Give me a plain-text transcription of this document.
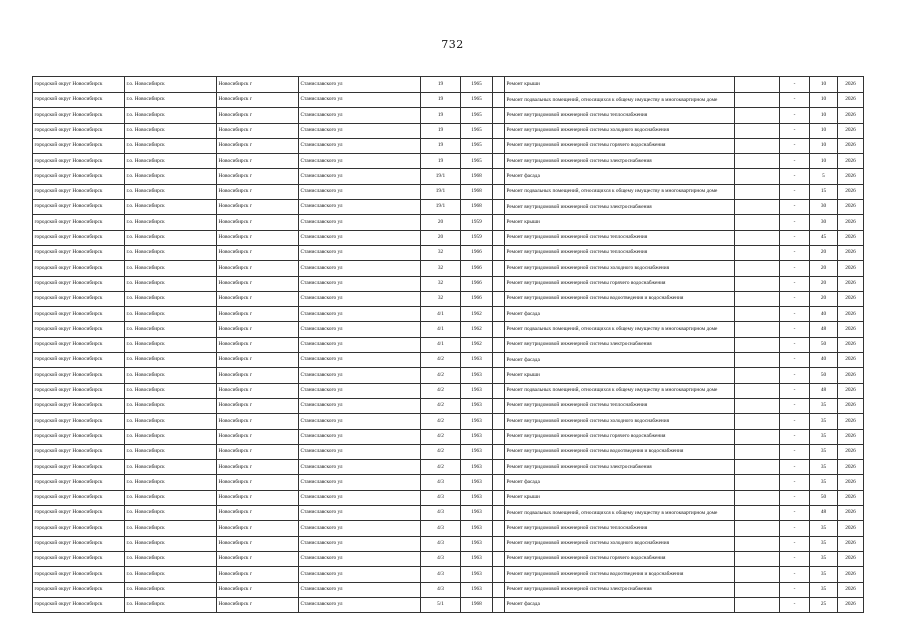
732
городской округ Новосибирск	г.о. Новосибирск	Новосибирск г	Станиславского ул	19	1965		Ремонт крыши		-	10	2026	
городской округ Новосибирск	г.о. Новосибирск	Новосибирск г	Станиславского ул	19	1965		Ремонт подвальных помещений, относящихся к общему имуществу в многоквартирном доме		-	10	2026	
городской округ Новосибирск	г.о. Новосибирск	Новосибирск г	Станиславского ул	19	1965		Ремонт внутридомовой инженерной системы теплоснабжения		-	10	2026	
городской округ Новосибирск	г.о. Новосибирск	Новосибирск г	Станиславского ул	19	1965		Ремонт внутридомовой инженерной системы холодного водоснабжения		-	10	2026	
городской округ Новосибирск	г.о. Новосибирск	Новосибирск г	Станиславского ул	19	1965		Ремонт внутридомовой инженерной системы горячего водоснабжения		-	10	2026	
городской округ Новосибирск	г.о. Новосибирск	Новосибирск г	Станиславского ул	19	1965		Ремонт внутридомовой инженерной системы электроснабжения		-	10	2026	
городской округ Новосибирск	г.о. Новосибирск	Новосибирск г	Станиславского ул	19/1	1968		Ремонт фасада		-	5	2026	
городской округ Новосибирск	г.о. Новосибирск	Новосибирск г	Станиславского ул	19/1	1968		Ремонт подвальных помещений, относящихся к общему имуществу в многоквартирном доме		-	15	2026	
городской округ Новосибирск	г.о. Новосибирск	Новосибирск г	Станиславского ул	19/1	1968		Ремонт внутридомовой инженерной системы электроснабжения		-	30	2026	
городской округ Новосибирск	г.о. Новосибирск	Новосибирск г	Станиславского ул	20	1959		Ремонт крыши		-	30	2026	
городской округ Новосибирск	г.о. Новосибирск	Новосибирск г	Станиславского ул	20	1959		Ремонт внутридомовой инженерной системы теплоснабжения		-	45	2026	
городской округ Новосибирск	г.о. Новосибирск	Новосибирск г	Станиславского ул	32	1966		Ремонт внутридомовой инженерной системы теплоснабжения		-	20	2026	
городской округ Новосибирск	г.о. Новосибирск	Новосибирск г	Станиславского ул	32	1966		Ремонт внутридомовой инженерной системы холодного водоснабжения		-	20	2026	
городской округ Новосибирск	г.о. Новосибирск	Новосибирск г	Станиславского ул	32	1966		Ремонт внутридомовой инженерной системы горячего водоснабжения		-	20	2026	
городской округ Новосибирск	г.о. Новосибирск	Новосибирск г	Станиславского ул	32	1966		Ремонт внутридомовой инженерной системы водоотведения и водоснабжения		-	20	2026	
городской округ Новосибирск	г.о. Новосибирск	Новосибирск г	Станиславского ул	4/1	1962		Ремонт фасада		-	40	2026	
городской округ Новосибирск	г.о. Новосибирск	Новосибирск г	Станиславского ул	4/1	1962		Ремонт подвальных помещений, относящихся к общему имуществу в многоквартирном доме		-	48	2026	
городской округ Новосибирск	г.о. Новосибирск	Новосибирск г	Станиславского ул	4/1	1962		Ремонт внутридомовой инженерной системы электроснабжения		-	50	2026	
городской округ Новосибирск	г.о. Новосибирск	Новосибирск г	Станиславского ул	4/2	1963		Ремонт фасада		-	40	2026	
городской округ Новосибирск	г.о. Новосибирск	Новосибирск г	Станиславского ул	4/2	1963		Ремонт крыши		-	50	2026	
городской округ Новосибирск	г.о. Новосибирск	Новосибирск г	Станиславского ул	4/2	1963		Ремонт подвальных помещений, относящихся к общему имуществу в многоквартирном доме		-	48	2026	
городской округ Новосибирск	г.о. Новосибирск	Новосибирск г	Станиславского ул	4/2	1963		Ремонт внутридомовой инженерной системы теплоснабжения		-	35	2026	
городской округ Новосибирск	г.о. Новосибирск	Новосибирск г	Станиславского ул	4/2	1963		Ремонт внутридомовой инженерной системы холодного водоснабжения		-	35	2026	
городской округ Новосибирск	г.о. Новосибирск	Новосибирск г	Станиславского ул	4/2	1963		Ремонт внутридомовой инженерной системы горячего водоснабжения		-	35	2026	
городской округ Новосибирск	г.о. Новосибирск	Новосибирск г	Станиславского ул	4/2	1963		Ремонт внутридомовой инженерной системы водоотведения и водоснабжения		-	35	2026	
городской округ Новосибирск	г.о. Новосибирск	Новосибирск г	Станиславского ул	4/2	1963		Ремонт внутридомовой инженерной системы электроснабжения		-	35	2026	
городской округ Новосибирск	г.о. Новосибирск	Новосибирск г	Станиславского ул	4/3	1963		Ремонт фасада		-	35	2026	
городской округ Новосибирск	г.о. Новосибирск	Новосибирск г	Станиславского ул	4/3	1963		Ремонт крыши		-	50	2026	
городской округ Новосибирск	г.о. Новосибирск	Новосибирск г	Станиславского ул	4/3	1963		Ремонт подвальных помещений, относящихся к общему имуществу в многоквартирном доме		-	48	2026	
городской округ Новосибирск	г.о. Новосибирск	Новосибирск г	Станиславского ул	4/3	1963		Ремонт внутридомовой инженерной системы теплоснабжения		-	35	2026	
городской округ Новосибирск	г.о. Новосибирск	Новосибирск г	Станиславского ул	4/3	1963		Ремонт внутридомовой инженерной системы холодного водоснабжения		-	35	2026	
городской округ Новосибирск	г.о. Новосибирск	Новосибирск г	Станиславского ул	4/3	1963		Ремонт внутридомовой инженерной системы горячего водоснабжения		-	35	2026	
городской округ Новосибирск	г.о. Новосибирск	Новосибирск г	Станиславского ул	4/3	1963		Ремонт внутридомовой инженерной системы водоотведения и водоснабжения		-	35	2026	
городской округ Новосибирск	г.о. Новосибирск	Новосибирск г	Станиславского ул	4/3	1963		Ремонт внутридомовой инженерной системы электроснабжения		-	35	2026	
городской округ Новосибирск	г.о. Новосибирск	Новосибирск г	Станиславского ул	5/1	1968		Ремонт фасада		-	25	2026	
